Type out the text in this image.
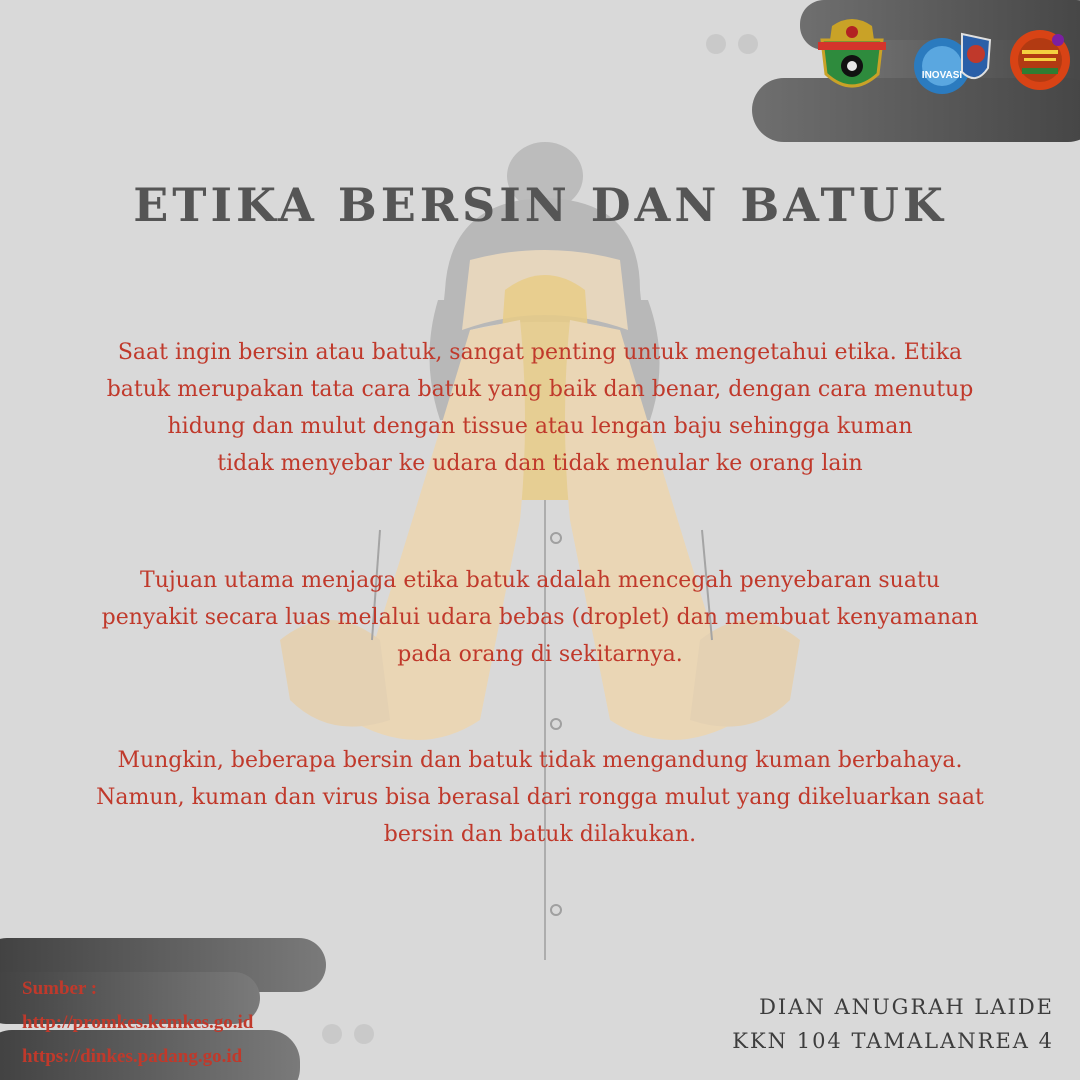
INOVASI
ETIKA BERSIN DAN BATUK
Saat ingin bersin atau batuk, sangat penting untuk mengetahui etika. Etika
batuk merupakan tata cara batuk yang baik dan benar, dengan cara menutup
hidung dan mulut dengan tissue atau lengan baju sehingga kuman
tidak menyebar ke udara dan tidak menular ke orang lain
Tujuan utama menjaga etika batuk adalah mencegah penyebaran suatu
penyakit secara luas melalui udara bebas (droplet) dan membuat kenyamanan
pada orang di sekitarnya.
Mungkin, beberapa bersin dan batuk tidak mengandung kuman berbahaya.
Namun, kuman dan virus bisa berasal dari rongga mulut yang dikeluarkan saat
bersin dan batuk dilakukan.
Sumber :
http://promkes.kemkes.go.id
https://dinkes.padang.go.id
DIAN ANUGRAH LAIDE
KKN 104 TAMALANREA 4
